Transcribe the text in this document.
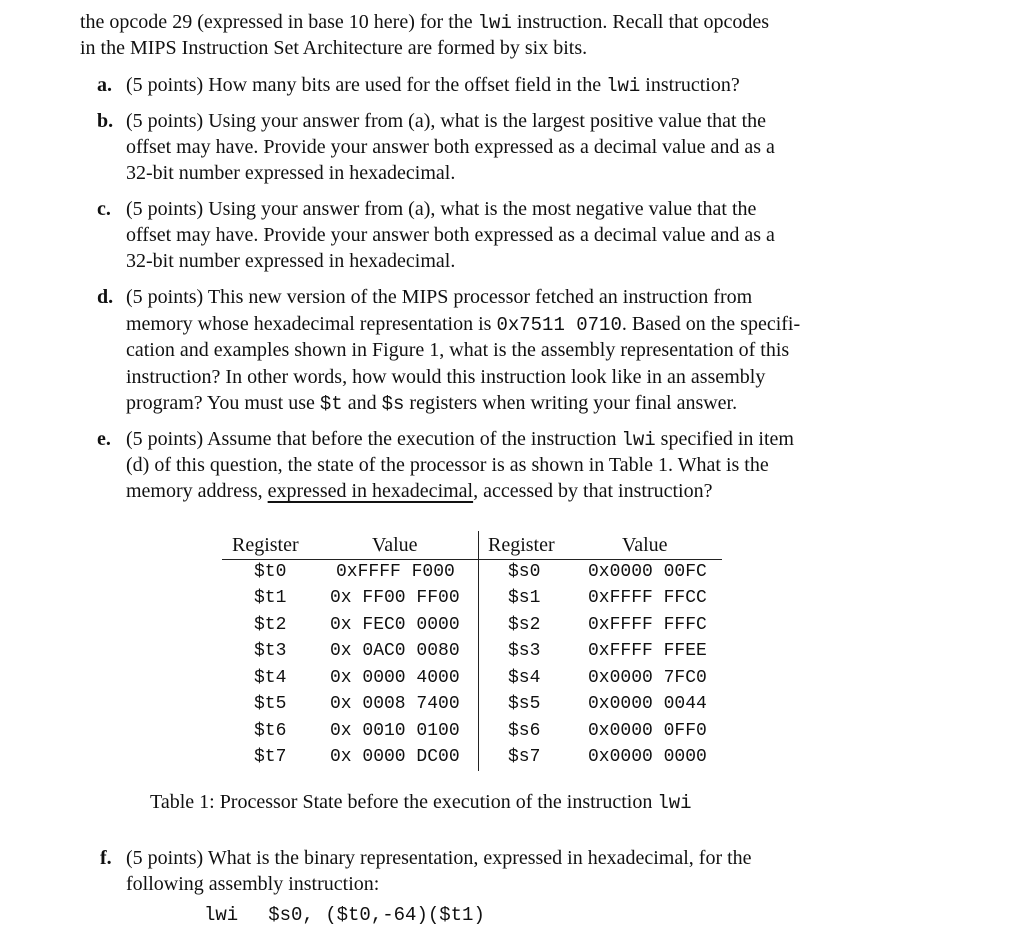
the opcode 29 (expressed in base 10 here) for the lwi instruction. Recall that opcodes
in the MIPS Instruction Set Architecture are formed by six bits.
a. (5 points) How many bits are used for the offset field in the lwi instruction?
b. (5 points) Using your answer from (a), what is the largest positive value that the
offset may have. Provide your answer both expressed as a decimal value and as a
32-bit number expressed in hexadecimal.
c. (5 points) Using your answer from (a), what is the most negative value that the
offset may have. Provide your answer both expressed as a decimal value and as a
32-bit number expressed in hexadecimal.
d. (5 points) This new version of the MIPS processor fetched an instruction from
memory whose hexadecimal representation is 0x7511 0710. Based on the specifi-
cation and examples shown in Figure 1, what is the assembly representation of this
instruction? In other words, how would this instruction look like in an assembly
program? You must use $t and $s registers when writing your final answer.
e. (5 points) Assume that before the execution of the instruction lwi specified in item
(d) of this question, the state of the processor is as shown in Table 1. What is the
memory address, expressed in hexadecimal, accessed by that instruction?
Register	Value	Register	Value
$t0	0xFFFF F000	$s0	0x0000 00FC
$t1 0x FF00 FF00	$s1	0xFFFF FFCC
$t2 0x FEC0 0000	$s2	0xFFFF FFFC
$t3 0x 0AC0 0080	$s3	0xFFFF FFEE
$t4 0x 0000 4000	$s4	0x0000 7FC0
$t5 0x 0008 7400	$s5	0x0000 0044
$t6 0x 0010 0100	$s6	0x0000 0FF0
$t7 0x 0000 DC00	$s7	0x0000 0000
Table 1: Processor State before the execution of the instruction lwi
f. (5 points) What is the binary representation, expressed in hexadecimal, for the
following assembly instruction:
lwi $s0, ($t0,-64)($t1)
